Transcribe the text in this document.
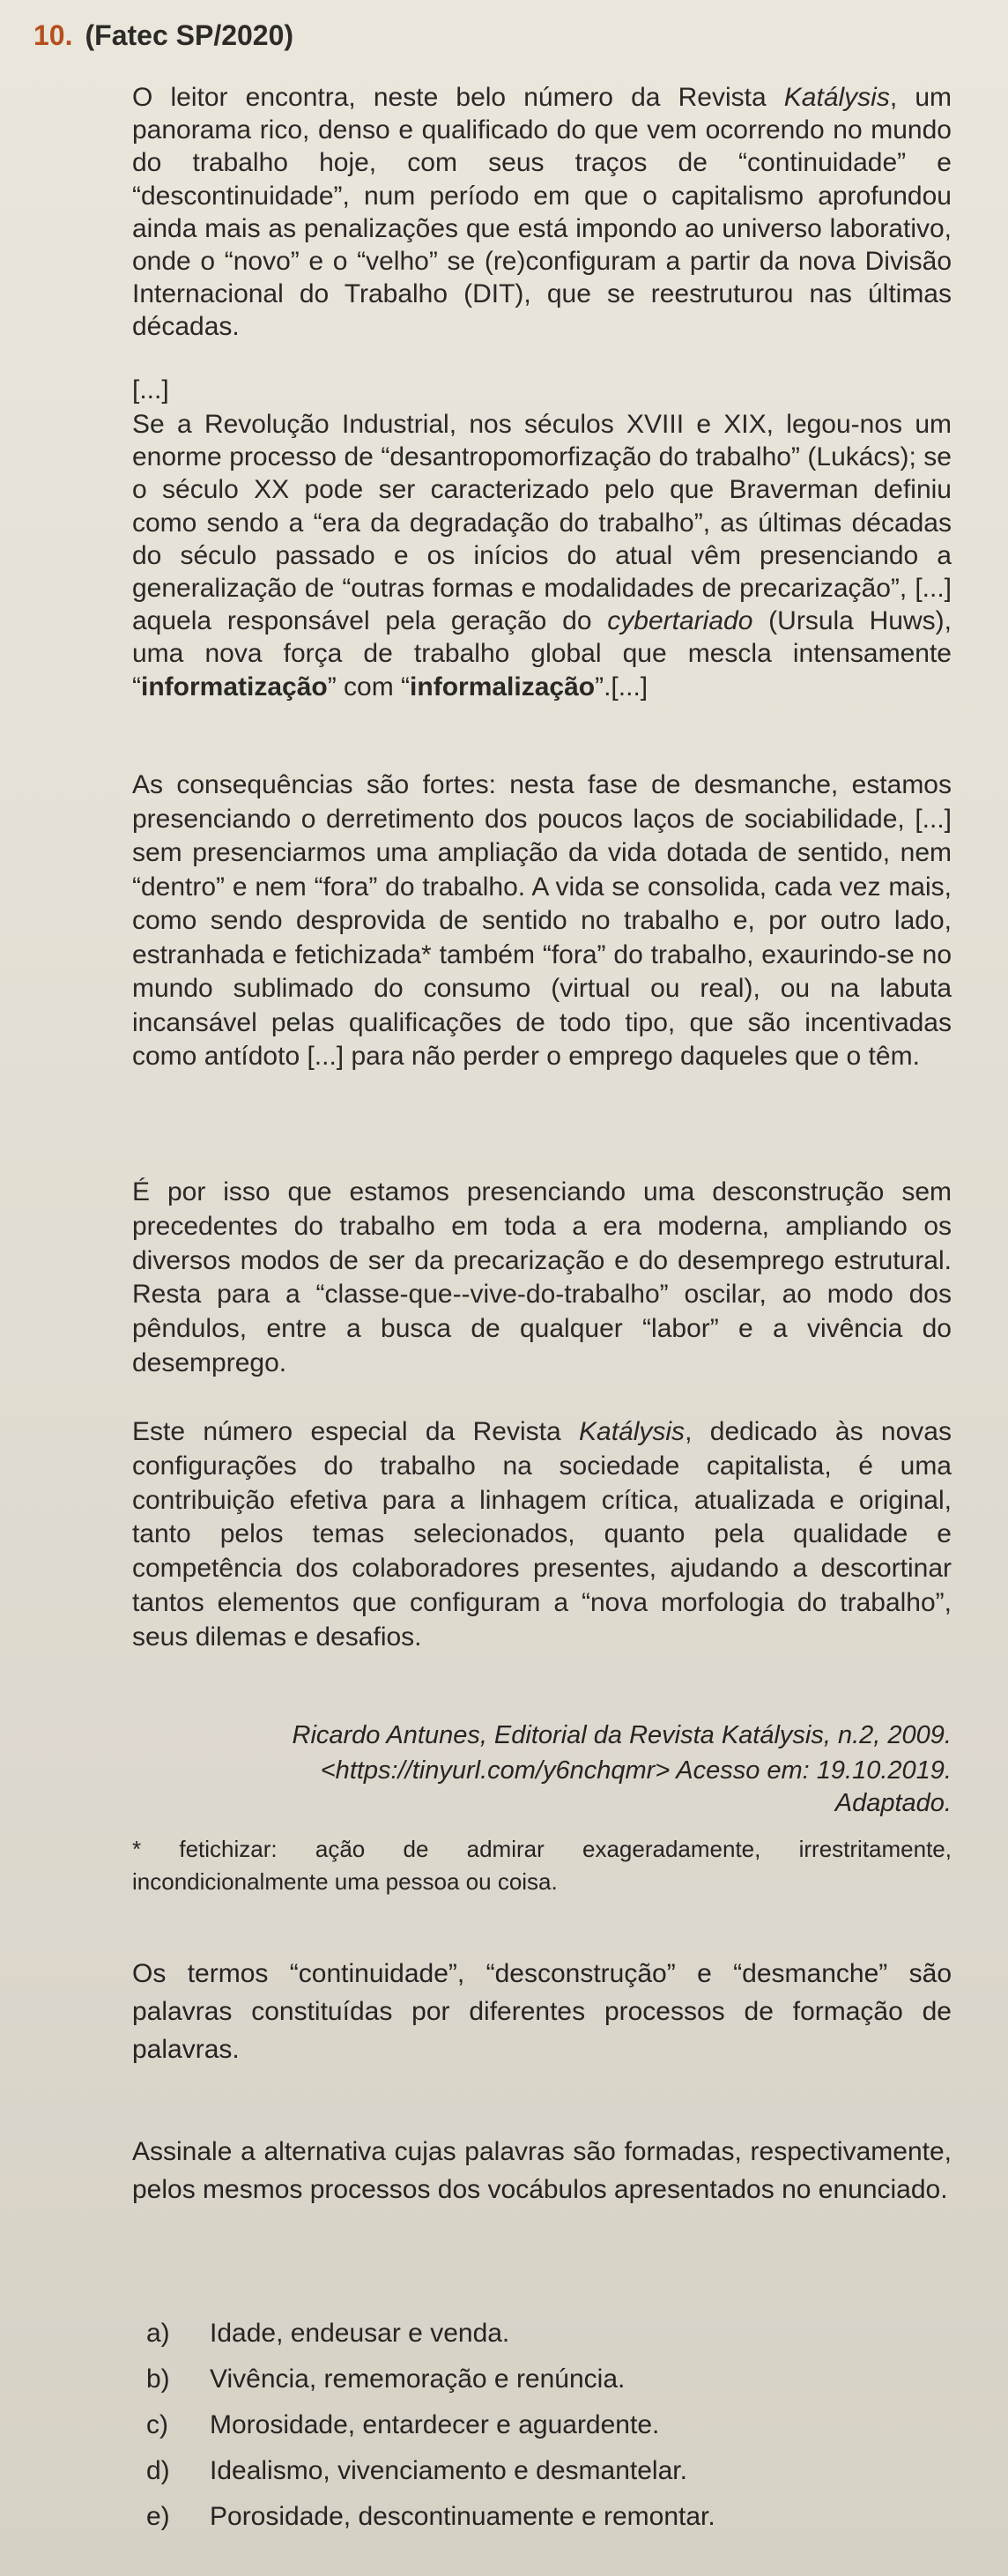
10. (Fatec SP/2020)

O leitor encontra, neste belo número da Revista Katálysis, um panorama rico, denso e qualificado do que vem ocorrendo no mundo do trabalho hoje, com seus traços de “continuidade” e “descontinuidade”, num período em que o capitalismo aprofundou ainda mais as penalizações que está impondo ao universo laborativo, onde o “novo” e o “velho” se (re)configuram a partir da nova Divisão Internacional do Trabalho (DIT), que se reestruturou nas últimas décadas.

[...]

Se a Revolução Industrial, nos séculos XVIII e XIX, legou-nos um enorme processo de “desantropomorfização do trabalho” (Lukács); se o século XX pode ser caracterizado pelo que Braverman definiu como sendo a “era da degradação do trabalho”, as últimas décadas do século passado e os inícios do atual vêm presenciando a generalização de “outras formas e modalidades de precarização”, [...] aquela responsável pela geração do cybertariado (Ursula Huws), uma nova força de trabalho global que mescla intensamente “informatização” com “informalização”.[...]

As consequências são fortes: nesta fase de desmanche, estamos presenciando o derretimento dos poucos laços de sociabilidade, [...] sem presenciarmos uma ampliação da vida dotada de sentido, nem “dentro” e nem “fora” do trabalho. A vida se consolida, cada vez mais, como sendo desprovida de sentido no trabalho e, por outro lado, estranhada e fetichizada* também “fora” do trabalho, exaurindo-se no mundo sublimado do consumo (virtual ou real), ou na labuta incansável pelas qualificações de todo tipo, que são incentivadas como antídoto [...] para não perder o emprego daqueles que o têm.

É por isso que estamos presenciando uma desconstrução sem precedentes do trabalho em toda a era moderna, ampliando os diversos modos de ser da precarização e do desemprego estrutural. Resta para a “classe-que--vive-do-trabalho” oscilar, ao modo dos pêndulos, entre a busca de qualquer “labor” e a vivência do desemprego.

Este número especial da Revista Katálysis, dedicado às novas configurações do trabalho na sociedade capitalista, é uma contribuição efetiva para a linhagem crítica, atualizada e original, tanto pelos temas selecionados, quanto pela qualidade e competência dos colaboradores presentes, ajudando a descortinar tantos elementos que configuram a “nova morfologia do trabalho”, seus dilemas e desafios.

Ricardo Antunes, Editorial da Revista Katálysis, n.2, 2009.
<https://tinyurl.com/y6nchqmr> Acesso em: 19.10.2019.
Adaptado.
* fetichizar: ação de admirar exageradamente, irrestritamente, incondicionalmente uma pessoa ou coisa.

Os termos “continuidade”, “desconstrução” e “desmanche” são palavras constituídas por diferentes processos de formação de palavras.

Assinale a alternativa cujas palavras são formadas, respectivamente, pelos mesmos processos dos vocábulos apresentados no enunciado.

a)	Idade, endeusar e venda.
b)	Vivência, rememoração e renúncia.
c)	Morosidade, entardecer e aguardente.
d)	Idealismo, vivenciamento e desmantelar.
e)	Porosidade, descontinuamente e remontar.
